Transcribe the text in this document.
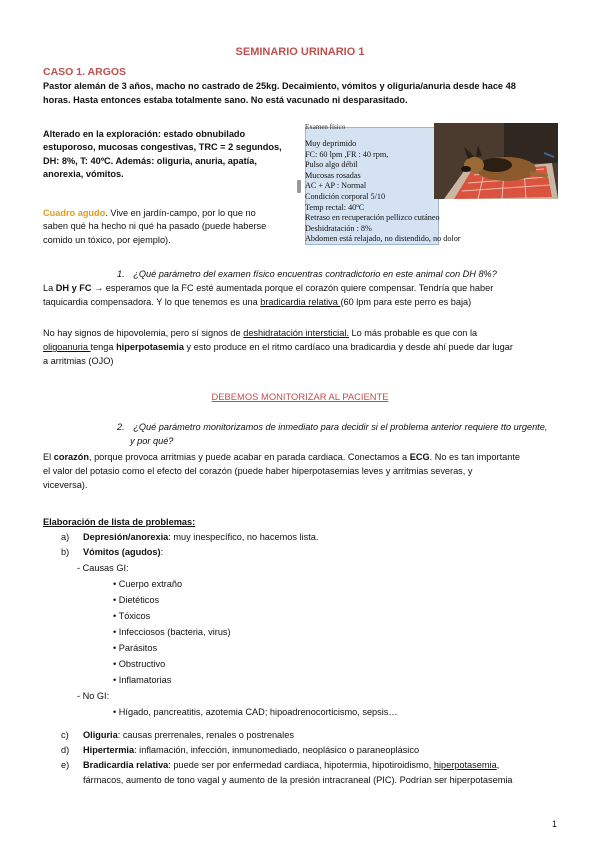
SEMINARIO URINARIO 1
CASO 1. ARGOS
Pastor alemán de 3 años, macho no castrado de 25kg. Decaimiento, vómitos y oliguria/anuria desde hace 48
horas. Hasta entonces estaba totalmente sano. No está vacunado ni desparasitado.
Alterado en la exploración: estado obnubilado
estuporoso, mucosas congestivas, TRC = 2 segundos,
DH: 8%, T: 40ºC. Además: oliguria, anuria, apatía,
anorexia, vómitos.
Cuadro agudo. Vive en jardín-campo, por lo que no
saben qué ha hecho ni qué ha pasado (puede haberse
comido un tóxico, por ejemplo).
Examen físico
Muy deprimido
FC: 60 lpm ,FR : 40 rpm,
Pulso algo débil
Mucosas rosadas
AC + AP : Normal
Condición corporal 5/10
Temp rectal: 40ºC
Retraso en recuperación pellizco cutáneo
Deshidratación : 8%
Abdomen está relajado, no distendido, no dolor
1. ¿Qué parámetro del examen físico encuentras contradictorio en este animal con DH 8%?
La DH y FC → esperamos que la FC esté aumentada porque el corazón quiere compensar. Tendría que haber
taquicardia compensadora. Y lo que tenemos es una bradicardia relativa (60 lpm para este perro es baja)
No hay signos de hipovolemia, pero sí signos de deshidratación intersticial. Lo más probable es que con la
oligoanuria tenga hiperpotasemia y esto produce en el ritmo cardíaco una bradicardia y desde ahí puede dar lugar
a arritmias (OJO)
DEBEMOS MONITORIZAR AL PACIENTE
2. ¿Qué parámetro monitorizamos de inmediato para decidir si el problema anterior requiere tto urgente,
y por qué?
El corazón, porque provoca arritmias y puede acabar en parada cardiaca. Conectamos a ECG. No es tan importante
el valor del potasio como el efecto del corazón (puede haber hiperpotasemias leves y arritmias severas, y
viceversa).
Elaboración de lista de problemas:
a) Depresión/anorexia: muy inespecífico, no hacemos lista.
b) Vómitos (agudos):
- Causas GI:
• Cuerpo extraño
• Dietéticos
• Tóxicos
• Infecciosos (bacteria, virus)
• Parásitos
• Obstructivo
• Inflamatorias
- No GI:
• Hígado, pancreatitis, azotemia CAD; hipoadrenocorticismo, sepsis…
c) Oliguria: causas prerrenales, renales o postrenales
d) Hipertermia: inflamación, infección, inmunomediado, neoplásico o paraneoplásico
e) Bradicardia relativa: puede ser por enfermedad cardiaca, hipotermia, hipotiroidismo, hiperpotasemia,
fármacos, aumento de tono vagal y aumento de la presión intracraneal (PIC). Podrían ser hiperpotasemia
1
